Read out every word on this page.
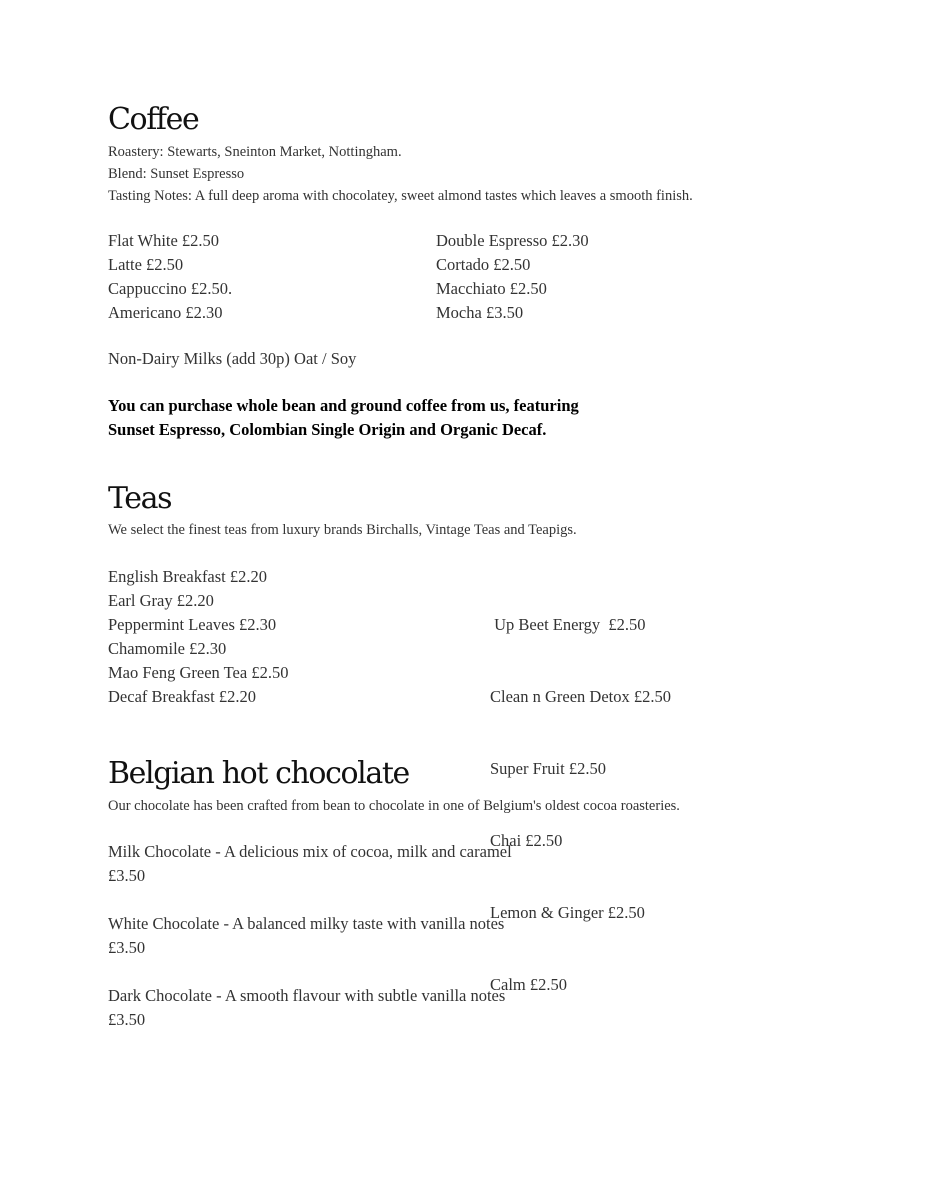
Coffee
Roastery: Stewarts, Sneinton Market, Nottingham.
Blend: Sunset Espresso
Tasting Notes: A full deep aroma with chocolatey, sweet almond tastes which leaves a smooth finish.
Flat White £2.50
Latte £2.50
Cappuccino £2.50.
Americano £2.30
Double Espresso £2.30
Cortado £2.50
Macchiato £2.50
Mocha £3.50
Non-Dairy Milks (add 30p) Oat / Soy
You can purchase whole bean and ground coffee from us, featuring
Sunset Espresso, Colombian Single Origin and Organic Decaf.
Teas
We select the finest teas from luxury brands Birchalls, Vintage Teas and Teapigs.
English Breakfast £2.20
Earl Gray £2.20
Peppermint Leaves £2.30
Chamomile £2.30
Mao Feng Green Tea £2.50
Decaf Breakfast £2.20

Up Beet Energy  £2.50

Clean n Green Detox £2.50

Super Fruit £2.50

Chai £2.50

Lemon & Ginger £2.50

Calm £2.50

Belgian hot chocolate
Our chocolate has been crafted from bean to chocolate in one of Belgium's oldest cocoa roasteries.
Milk Chocolate - A delicious mix of cocoa, milk and caramel
£3.50
White Chocolate - A balanced milky taste with vanilla notes
£3.50
Dark Chocolate - A smooth flavour with subtle vanilla notes
£3.50
